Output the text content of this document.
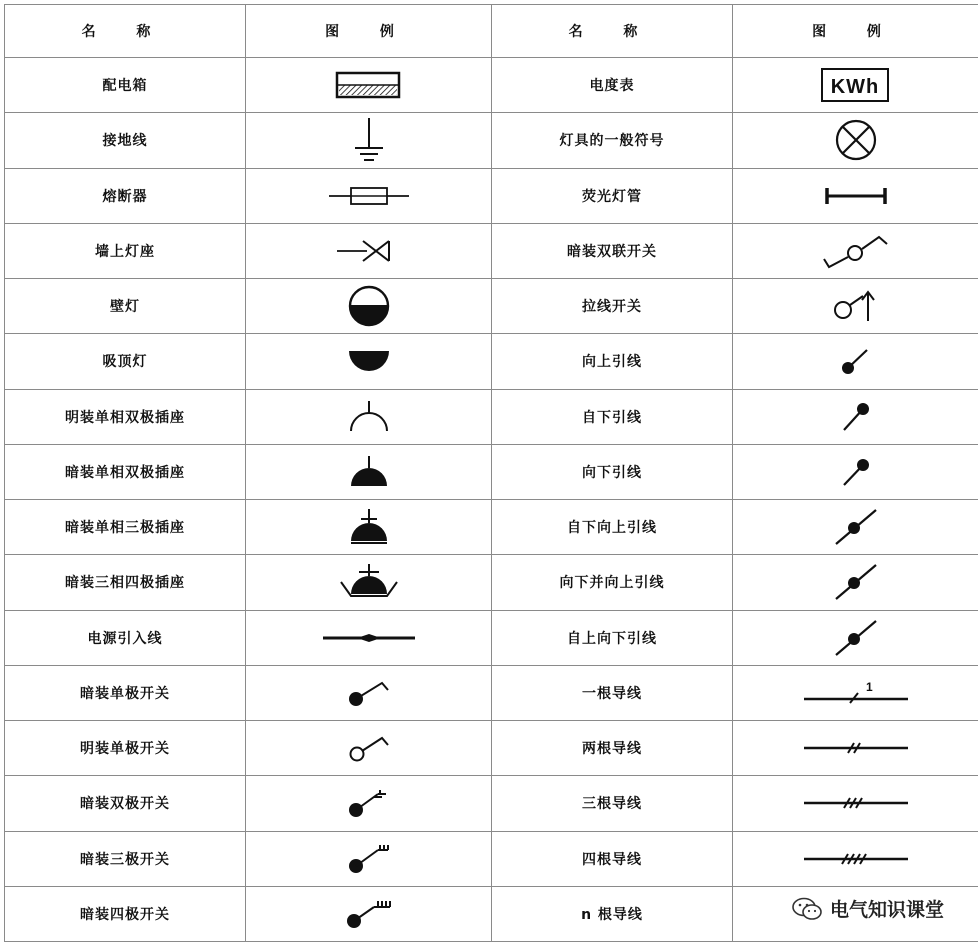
名 称	图 例	名 称	图 例
配电箱		电度表	KWh

接地线		灯具的一般符号	

熔断器		荧光灯管	

墙上灯座		暗装双联开关	

壁灯		拉线开关	

吸顶灯		向上引线	

明装单相双极插座		自下引线	

暗装单相双极插座		向下引线	

暗装单相三极插座		自下向上引线	

暗装三相四极插座		向下并向上引线	

电源引入线		自上向下引线	

暗装单极开关		一根导线	1

明装单极开关		两根导线	

暗装双极开关		三根导线	

暗装三极开关		四根导线	

暗装四极开关		n 根导线		电气知识课堂
